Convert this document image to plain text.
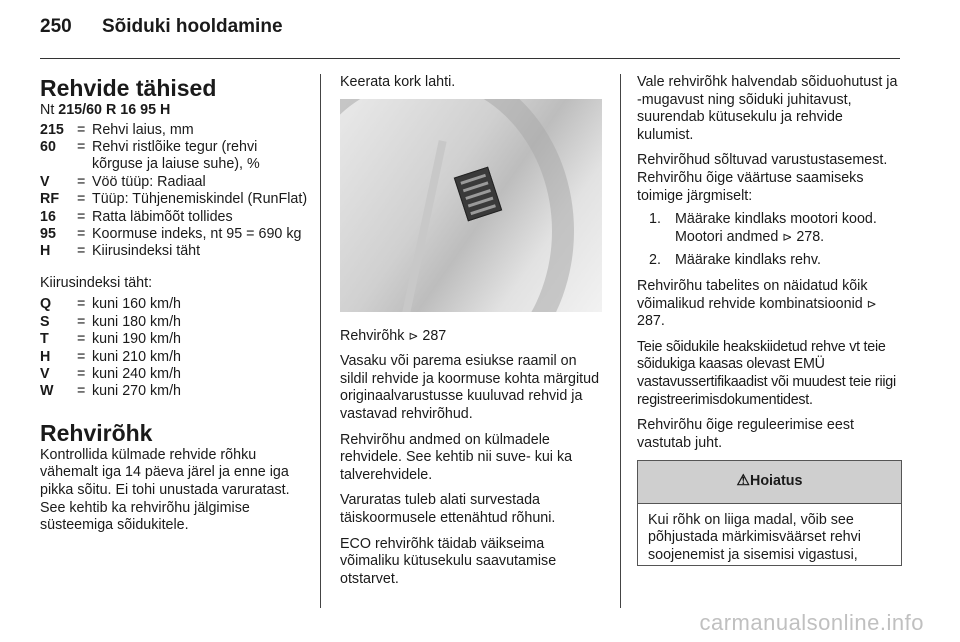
250 Sõiduki hooldamine
Rehvide tähised

Nt 215/60 R 16 95 H

215	=	Rehvi laius, mm
60	=	Rehvi ristlõike tegur (rehvi kõrguse ja laiuse suhe), %
V	=	Vöö tüüp: Radiaal
RF	=	Tüüp: Tühjenemiskindel (RunFlat)
16	=	Ratta läbimõõt tollides
95	=	Koormuse indeks, nt 95 = 690 kg
H	=	Kiirusindeksi täht

Kiirusindeksi täht:

Q	=	kuni 160 km/h
S	=	kuni 180 km/h
T	=	kuni 190 km/h
H	=	kuni 210 km/h
V	=	kuni 240 km/h
W	=	kuni 270 km/h
Rehvirõhk

Kontrollida külmade rehvide rõhku vähemalt iga 14 päeva järel ja enne iga pikka sõitu. Ei tohi unustada varuratast. See kehtib ka rehvirõhu jälgimise süsteemiga sõidukitele.

Keerata kork lahti.

Rehvirõhk ⊳ 287

Vasaku või parema esiukse raamil on sildil rehvide ja koormuse kohta märgitud originaalvarustusse kuuluvad rehvid ja vastavad rehvirõhud.

Rehvirõhu andmed on külmadele rehvidele. See kehtib nii suve- kui ka talverehvidele.

Varuratas tuleb alati survestada täiskoormusele ettenähtud rõhuni.

ECO rehvirõhk täidab väikseima võimaliku kütusekulu saavutamise otstarvet.

Vale rehvirõhk halvendab sõiduohutust ja -mugavust ning sõiduki juhitavust, suurendab kütusekulu ja rehvide kulumist.

Rehvirõhud sõltuvad varustustasemest. Rehvirõhu õige väärtuse saamiseks toimige järgmiselt:

1. Määrake kindlaks mootori kood. Mootori andmed ⊳ 278.
2. Määrake kindlaks rehv.

Rehvirõhu tabelites on näidatud kõik võimalikud rehvide kombinatsioonid ⊳ 287.

Teie sõidukile heakskiidetud rehve vt teie sõidukiga kaasas olevast EMÜ vastavussertifikaadist või muudest teie riigi registreerimisdokumentidest.

Rehvirõhu õige reguleerimise eest vastutab juht.

⚠Hoiatus
Kui rõhk on liiga madal, võib see põhjustada märkimisväärset rehvi soojenemist ja sisemisi vigastusi,
carmanualsonline.info
